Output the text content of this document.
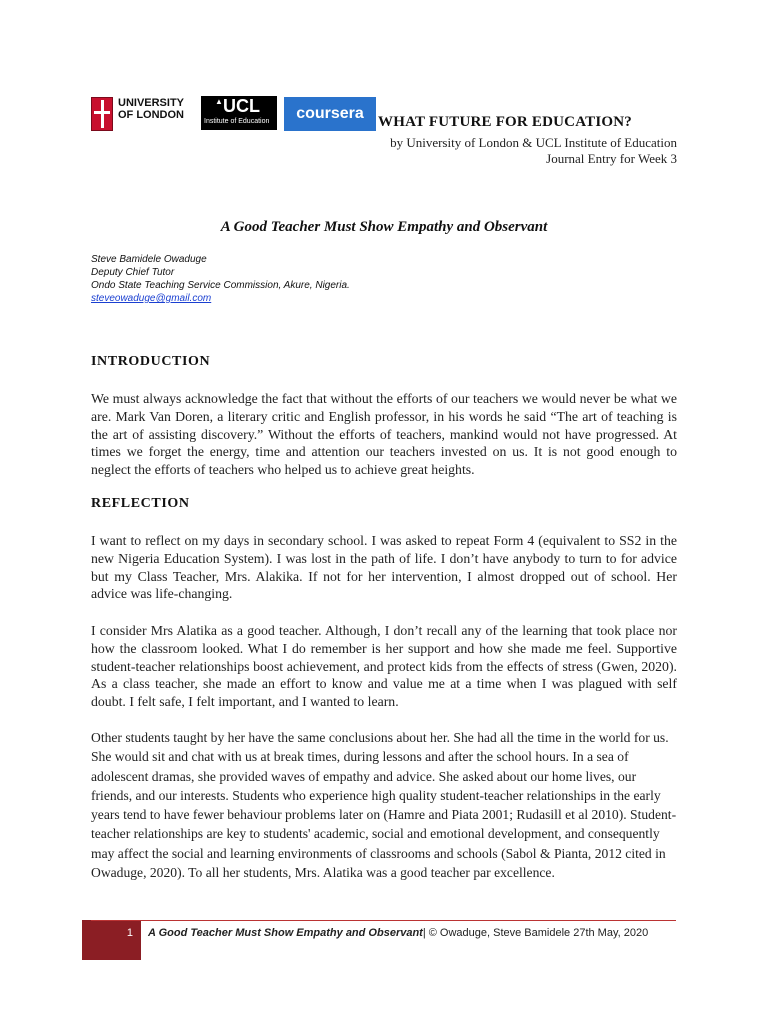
UNIVERSITY
OF LONDON
▲ UCL
Institute of Education	coursera WHAT FUTURE FOR EDUCATION?
by University of London & UCL Institute of Education
Journal Entry for Week 3
A Good Teacher Must Show Empathy and Observant
Steve Bamidele Owaduge
Deputy Chief Tutor
Ondo State Teaching Service Commission, Akure, Nigeria.
steveowaduge@gmail.com
INTRODUCTION

We must always acknowledge the fact that without the efforts of our teachers we would never be what we are. Mark Van Doren, a literary critic and English professor, in his words he said “The art of teaching is the art of assisting discovery.” Without the efforts of teachers, mankind would not have progressed. At times we forget the energy, time and attention our teachers invested on us. It is not good enough to neglect the efforts of teachers who helped us to achieve great heights.

REFLECTION

I want to reflect on my days in secondary school. I was asked to repeat Form 4 (equivalent to SS2 in the new Nigeria Education System). I was lost in the path of life. I don’t have anybody to turn to for advice but my Class Teacher, Mrs. Alakika. If not for her intervention, I almost dropped out of school. Her advice was life-changing.

I consider Mrs Alatika as a good teacher. Although, I don’t recall any of the learning that took place nor how the classroom looked. What I do remember is her support and how she made me feel. Supportive student-teacher relationships boost achievement, and protect kids from the effects of stress (Gwen, 2020). As a class teacher, she made an effort to know and value me at a time when I was plagued with self doubt. I felt safe, I felt important, and I wanted to learn.

Other students taught by her have the same conclusions about her. She had all the time in the world for us. She would sit and chat with us at break times, during lessons and after the school hours. In a sea of adolescent dramas, she provided waves of empathy and advice. She asked about our home lives, our friends, and our interests. Students who experience high quality student-teacher relationships in the early years tend to have fewer behaviour problems later on (Hamre and Piata 2001; Rudasill et al 2010). Student-teacher relationships are key to students' academic, social and emotional development, and consequently may affect the social and learning environments of classrooms and schools (Sabol & Pianta, 2012 cited in Owaduge, 2020). To all her students, Mrs. Alatika was a good teacher par excellence.

1	A Good Teacher Must Show Empathy and Observant| © Owaduge, Steve Bamidele 27th May, 2020
